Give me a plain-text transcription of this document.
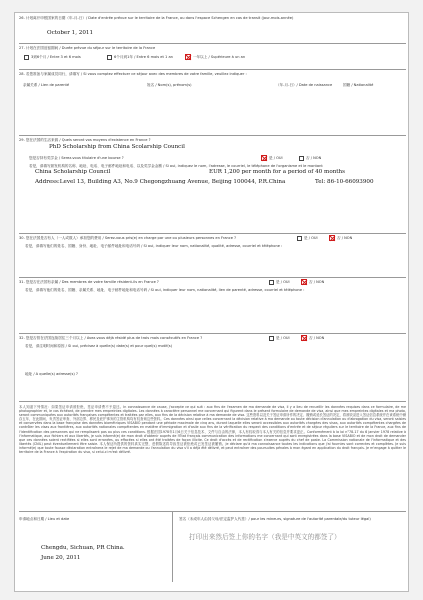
26. 计划离开申根国家的日期（年-月-日）/ Date d'entrée prévue sur le territoire de la France, ou dans l'espace Schengen en cas de transit (jour-mois-année)
October 1, 2011
27. 计划在法国逗留期间 / Durée prévue du séjour sur le territoire de la France
3到6个月 / Entre 3 et 6 mois	6个月到1年 / Entre 6 mois et 1 an	一年以上 / Supérieure à un an
28. 若您准备与家属成员同行，请填写 / Si vous comptez effectuer ce séjour avec des membres de votre famille, veuillez indiquer :
亲属关系 / Lien de parenté	姓名 / Nom(s), prénom(s)	（年-月-日）/ Date de naissance	国籍 / Nationalité
29. 您在法国的生活来源 / Quels seront vos moyens d'existence en France ?
PhD Scholarship from China Scolarship Council
您是否持有奖学金 / Serez-vous titulaire d'une bourse ?	是 / OUI	否 / NON
若是，请填写颁发机构的名称、地址、电话、电子邮件地址和电话、以及奖学金金额 / Si oui, indiquez le nom, l'adresse, le courriel, le téléphone de l'organisme et le montant
China Scholarship Council	EUR 1,200 per month for a period of 40 months
Address:Level 13, Building A3, No.9 Chegongzhuang Avenue, Beijing 100044, P.R.China	Tel: 86-10-66093900
30. 您在法国是否有人（一人或数人）承担您的费用 / Serez-vous pris(e) en charge par une ou plusieurs personnes en France ?	是 / OUI	否 / NON
若是，请填写他们的姓名、国籍、身份、地址、电子邮件地址和电话号码 / Si oui, indiquer leur nom, nationalité, qualité, adresse, courriel et téléphone :
31. 您是否在法国有亲属 / Des membres de votre famille résident-ils en France ?	是 / OUI	否 / NON
若是，请填写他们的姓名、国籍、亲属关系、地址、电子邮件地址和电话号码 / Si oui, indiquer leur nom, nationalité, lien de parenté, adresse, courriel et téléphone :
32. 您是否曾在法国连续居住三个月以上 / Avez-vous déjà résidé plus de trois mois consécutifs en France ?	是 / OUI	否 / NON
若是，请注明时间和原因 / Si oui, précisez à quelle(s) date(s) et pour quel(s) motif(s)
地址 / A quelle(s) adresse(s) ?
本人知道下列情况：如果签证申请被拒绝，签证申请费不予退还。In connaissance de cause, j'accepte ce qui suit : aux fins de l'examen de ma demande de visa, il y a lieu de recueillir les données requises dans ce formulaire, de me photographier et, le cas échéant, de prendre mes empreintes digitales. Les données à caractère personnel me concernant qui figurent dans le présent formulaire de demande de visa, ainsi que mes empreintes digitales et ma photo, seront communiquées aux autorités françaises compétentes et traitées par elles, aux fins de la décision relative à ma demande de visa. 这些资料以及关于签证申请所作的决定、撤销或延长签证的决定，将被收录进入签证信息系统并在该系统中储存五年，在此期间，负责签证审查、外部边界、移民及庇护事务的主管机构均有权查询这些资料。Ces données ainsi que celles concernant la décision relative à ma demande ou toute décision d'annulation ou d'abrogation du visa, seront saisies et conservées dans la base française des données biométriques VISABIO pendant une période maximale de cinq ans, durant laquelle elles seront accessibles aux autorités chargées des visas, aux autorités compétentes chargées de contrôler les visas aux frontières, aux autorités nationales compétentes en matière d'immigration et d'asile aux fins de la vérification du respect des conditions d'entrée et de séjour réguliers sur le territoire de la France, aux fins de l'identification des personnes qui ne remplissent pas ou plus ces conditions. 根据法国1978年1月6日关于信息技术、文件与自由的法律，本人有权取得与本人有关的信息并要求更正。Conformément à la loi n°78-17 du 6 janvier 1978 relative à l'informatique, aux fichiers et aux libertés, je suis informé(e) de mon droit d'obtenir auprès de l'État français communication des informations me concernant qui sont enregistrées dans la base VISABIO et de mon droit de demander que ces données soient rectifiées si elles sont erronées, ou effacées si elles ont été traitées de façon illicite. Ce droit d'accès et de rectification s'exerce auprès du chef de poste. La Commission nationale de l'informatique et des libertés (CNIL) peut éventuellement être saisie. 本人保证所提供的资料真实完整，虚假陈述将导致签证被拒绝或已发签证被撤销。Je déclare qu'à ma connaissance toutes les indications que j'ai fournies sont correctes et complètes. Je suis informé(e) que toute fausse déclaration entraînera le rejet de ma demande ou l'annulation du visa s'il a déjà été délivré, et peut entraîner des poursuites pénales à mon égard en application du droit français. Je m'engage à quitter le territoire de la France à l'expiration du visa, si celui-ci m'est délivré.
申请地点和日期 / Lieu et date
Chengdu, Sichuan, PR China.
June 20, 2011
签名（未成年人由其父母/法定监护人代签）/ pour les mineurs, signature de l'autorité parentale/du tuteur légal)
打印出来然后签上你的名字（我是中英文的都签了）
